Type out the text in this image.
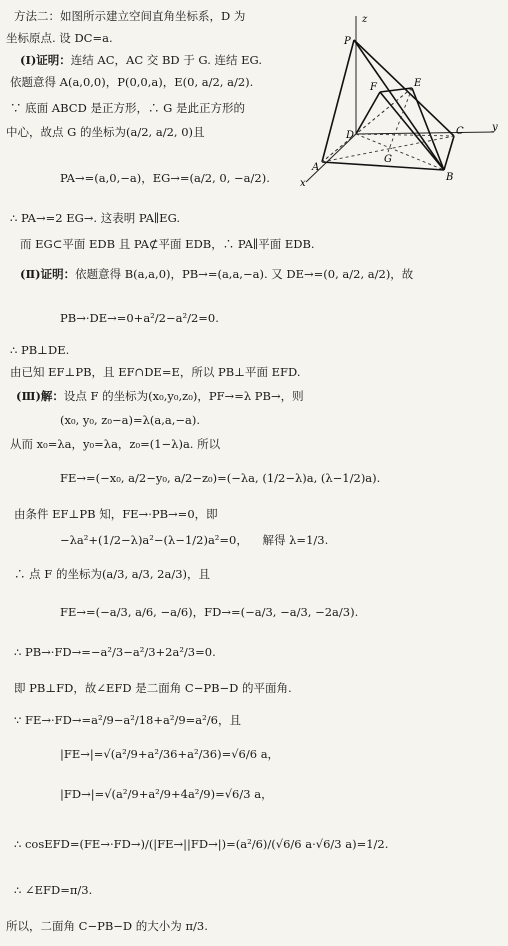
方法二：如图所示建立空间直角坐标系，D 为
坐标原点. 设 DC=a.
(Ⅰ)证明：连结 AC，AC 交 BD 于 G. 连结 EG.
依题意得 A(a,0,0)，P(0,0,a)，E(0, a/2, a/2).
∵ 底面 ABCD 是正方形，∴ G 是此正方形的
中心，故点 G 的坐标为(a/2, a/2, 0)且
PA→=(a,0,−a)，EG→=(a/2, 0, −a/2).
∴ PA→=2 EG→. 这表明 PA∥EG.
而 EG⊂平面 EDB 且 PA⊄平面 EDB，∴ PA∥平面 EDB.
(Ⅱ)证明：依题意得 B(a,a,0)，PB→=(a,a,−a). 又 DE→=(0, a/2, a/2)，故
PB→·DE→=0+a²/2−a²/2=0.
∴ PB⊥DE.
由已知 EF⊥PB，且 EF∩DE=E，所以 PB⊥平面 EFD.
(Ⅲ)解：设点 F 的坐标为(x₀,y₀,z₀)，PF→=λ PB→，则
(x₀, y₀, z₀−a)=λ(a,a,−a).
从而 x₀=λa，y₀=λa，z₀=(1−λ)a. 所以
FE→=(−x₀, a/2−y₀, a/2−z₀)=(−λa, (1/2−λ)a, (λ−1/2)a).
由条件 EF⊥PB 知，FE→·PB→=0，即
−λa²+(1/2−λ)a²−(λ−1/2)a²=0， 解得 λ=1/3.
∴ 点 F 的坐标为(a/3, a/3, 2a/3)，且
FE→=(−a/3, a/6, −a/6)，FD→=(−a/3, −a/3, −2a/3).
∴ PB→·FD→=−a²/3−a²/3+2a²/3=0.
即 PB⊥FD，故∠EFD 是二面角 C−PB−D 的平面角.
∵ FE→·FD→=a²/9−a²/18+a²/9=a²/6，且
|FE→|=√(a²/9+a²/36+a²/36)=√6/6 a，
|FD→|=√(a²/9+a²/9+4a²/9)=√6/3 a，
∴ cosEFD=(FE→·FD→)/(|FE→||FD→|)=(a²/6)/(√6/6 a·√6/3 a)=1/2.
∴ ∠EFD=π/3.
所以，二面角 C−PB−D 的大小为 π/3.
z
y
x
P
E
F
D	C
G
A
B
